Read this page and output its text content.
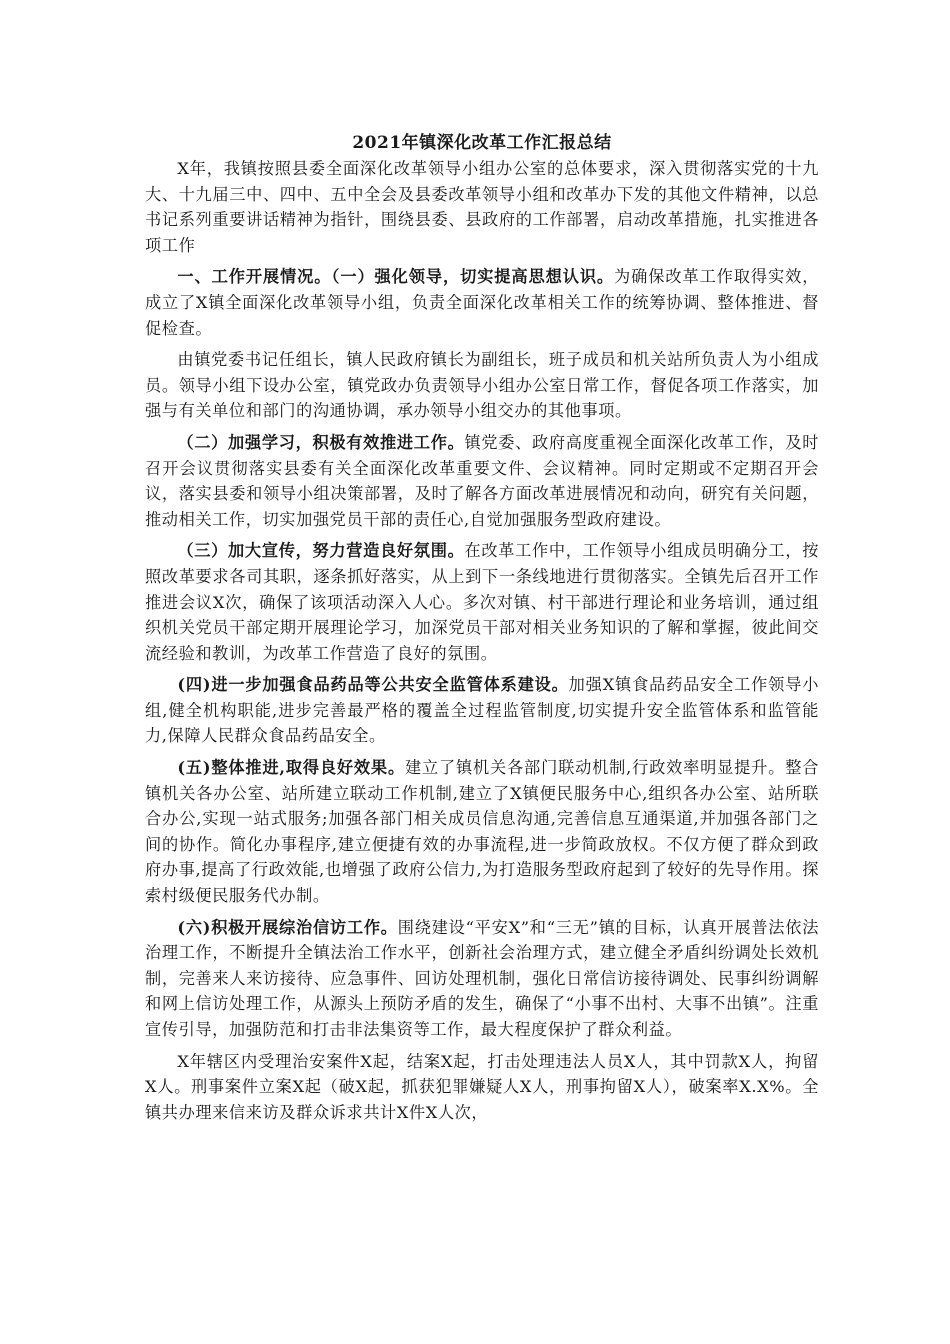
2021年镇深化改革工作汇报总结

X年，我镇按照县委全面深化改革领导小组办公室的总体要求，深入贯彻落实党的十九大、十九届三中、四中、五中全会及县委改革领导小组和改革办下发的其他文件精神，以总书记系列重要讲话精神为指针，围绕县委、县政府的工作部署，启动改革措施，扎实推进各项工作

一、工作开展情况。（一）强化领导，切实提高思想认识。为确保改革工作取得实效，成立了X镇全面深化改革领导小组，负责全面深化改革相关工作的统筹协调、整体推进、督促检查。

由镇党委书记任组长，镇人民政府镇长为副组长，班子成员和机关站所负责人为小组成员。领导小组下设办公室，镇党政办负责领导小组办公室日常工作，督促各项工作落实，加强与有关单位和部门的沟通协调，承办领导小组交办的其他事项。

（二）加强学习，积极有效推进工作。镇党委、政府高度重视全面深化改革工作，及时召开会议贯彻落实县委有关全面深化改革重要文件、会议精神。同时定期或不定期召开会议，落实县委和领导小组决策部署，及时了解各方面改革进展情况和动向，研究有关问题，推动相关工作，切实加强党员干部的责任心,自觉加强服务型政府建设。

（三）加大宣传，努力营造良好氛围。在改革工作中，工作领导小组成员明确分工，按照改革要求各司其职，逐条抓好落实，从上到下一条线地进行贯彻落实。全镇先后召开工作推进会议X次，确保了该项活动深入人心。多次对镇、村干部进行理论和业务培训，通过组织机关党员干部定期开展理论学习，加深党员干部对相关业务知识的了解和掌握，彼此间交流经验和教训，为改革工作营造了良好的氛围。

(四)进一步加强食品药品等公共安全监管体系建设。加强X镇食品药品安全工作领导小组,健全机构职能,进步完善最严格的覆盖全过程监管制度,切实提升安全监管体系和监管能力,保障人民群众食品药品安全。

(五)整体推进,取得良好效果。建立了镇机关各部门联动机制,行政效率明显提升。整合镇机关各办公室、站所建立联动工作机制,建立了X镇便民服务中心,组织各办公室、站所联合办公,实现一站式服务;加强各部门相关成员信息沟通,完善信息互通渠道,并加强各部门之间的协作。简化办事程序,建立便捷有效的办事流程,进一步简政放权。不仅方便了群众到政府办事,提高了行政效能,也增强了政府公信力,为打造服务型政府起到了较好的先导作用。探索村级便民服务代办制。

(六)积极开展综治信访工作。围绕建设“平安X”和“三无”镇的目标，认真开展普法依法治理工作，不断提升全镇法治工作水平，创新社会治理方式，建立健全矛盾纠纷调处长效机制，完善来人来访接待、应急事件、回访处理机制，强化日常信访接待调处、民事纠纷调解和网上信访处理工作，从源头上预防矛盾的发生，确保了“小事不出村、大事不出镇”。注重宣传引导，加强防范和打击非法集资等工作，最大程度保护了群众利益。

X年辖区内受理治安案件X起，结案X起，打击处理违法人员X人，其中罚款X人，拘留X人。刑事案件立案X起（破X起，抓获犯罪嫌疑人X人，刑事拘留X人），破案率X.X%。全镇共办理来信来访及群众诉求共计X件X人次，
